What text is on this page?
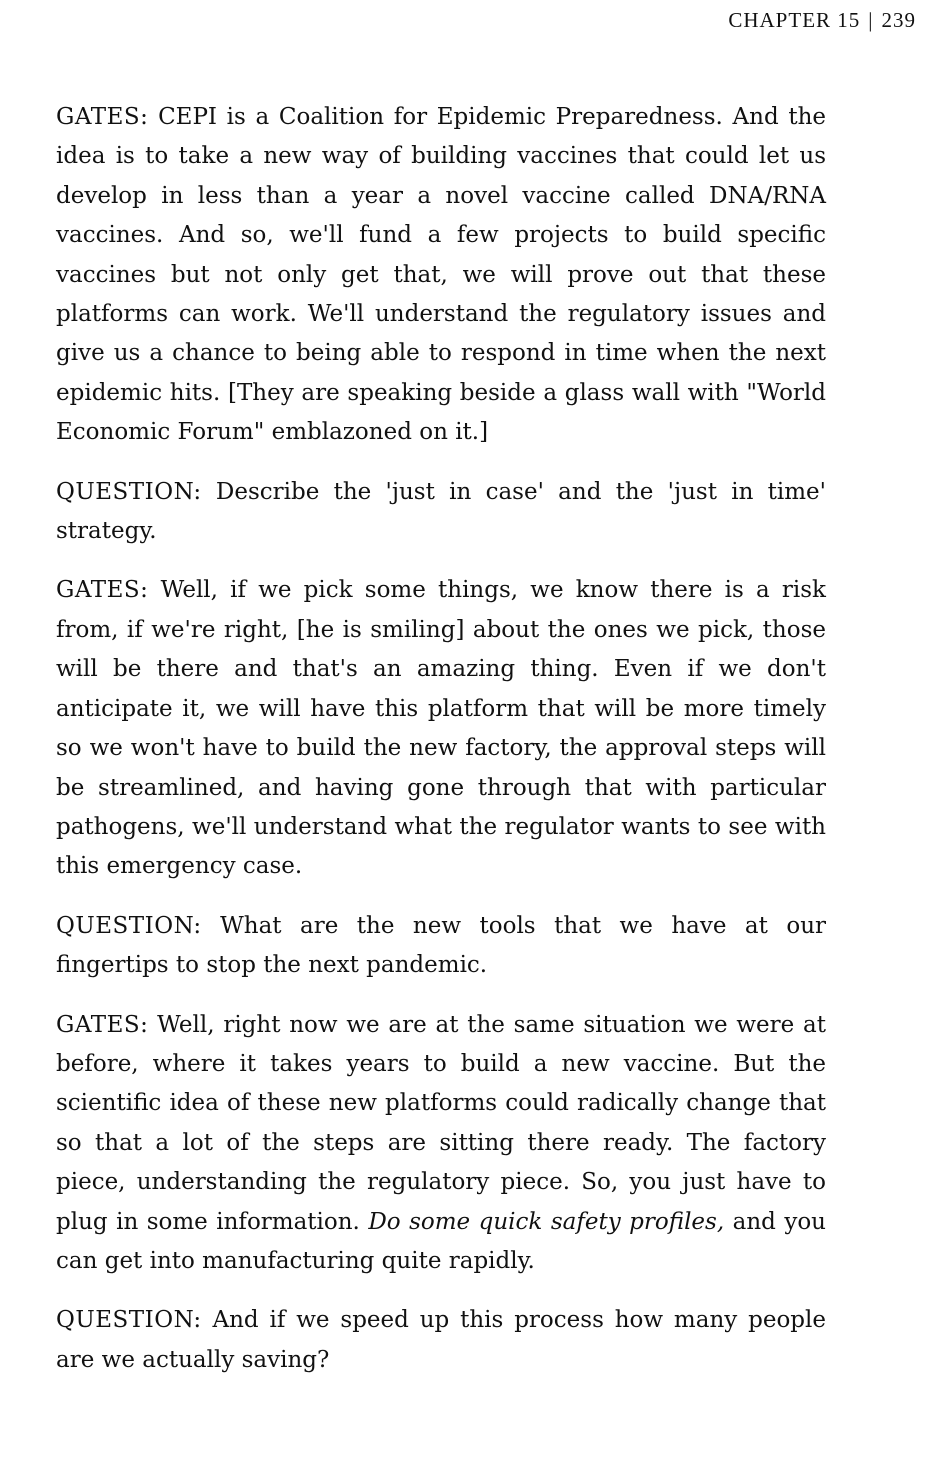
CHAPTER 15 | 239

GATES: CEPI is a Coalition for Epidemic Preparedness. And the idea is to take a new way of building vaccines that could let us develop in less than a year a novel vaccine called DNA/RNA vaccines. And so, we'll fund a few projects to build specific vaccines but not only get that, we will prove out that these platforms can work. We'll understand the regulatory issues and give us a chance to being able to respond in time when the next epidemic hits. [They are speaking beside a glass wall with "World Economic Forum" emblazoned on it.]

QUESTION: Describe the 'just in case' and the 'just in time' strategy.

GATES: Well, if we pick some things, we know there is a risk from, if we're right, [he is smiling] about the ones we pick, those will be there and that's an amazing thing. Even if we don't anticipate it, we will have this platform that will be more timely so we won't have to build the new factory, the approval steps will be streamlined, and having gone through that with particular pathogens, we'll understand what the regulator wants to see with this emergency case.

QUESTION: What are the new tools that we have at our fingertips to stop the next pandemic.

GATES: Well, right now we are at the same situation we were at before, where it takes years to build a new vaccine. But the scientific idea of these new platforms could radically change that so that a lot of the steps are sitting there ready. The factory piece, understanding the regulatory piece. So, you just have to plug in some information. Do some quick safety profiles, and you can get into manufacturing quite rapidly.

QUESTION: And if we speed up this process how many people are we actually saving?
